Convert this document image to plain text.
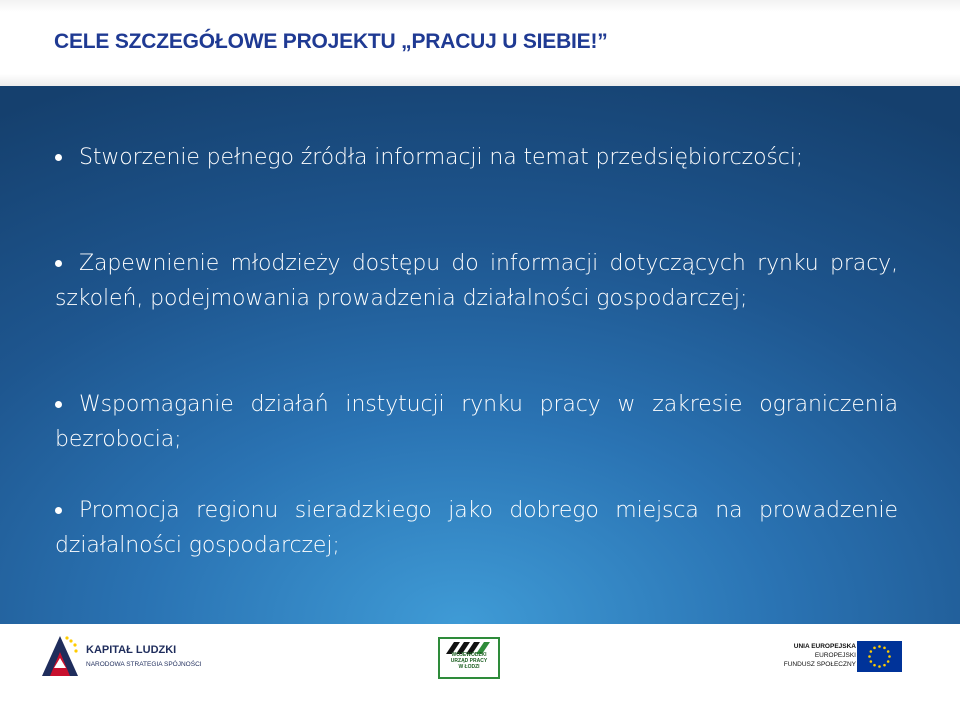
CELE SZCZEGÓŁOWE PROJEKTU „PRACUJ U SIEBIE!”
Stworzenie pełnego źródła informacji na temat przedsiębiorczości;
Zapewnienie młodzieży dostępu do informacji dotyczących rynku pracy, szkoleń, podejmowania prowadzenia działalności gospodarczej;
Wspomaganie działań instytucji rynku pracy w zakresie ograniczenia bezrobocia;
Promocja regionu sieradzkiego jako dobrego miejsca na prowadzenie działalności gospodarczej;
KAPITAŁ LUDZKI
NARODOWA STRATEGIA SPÓJNOŚCI
WOJEWÓDZKI
URZĄD PRACY
W ŁODZI
UNIA EUROPEJSKA
EUROPEJSKI
FUNDUSZ SPOŁECZNY
